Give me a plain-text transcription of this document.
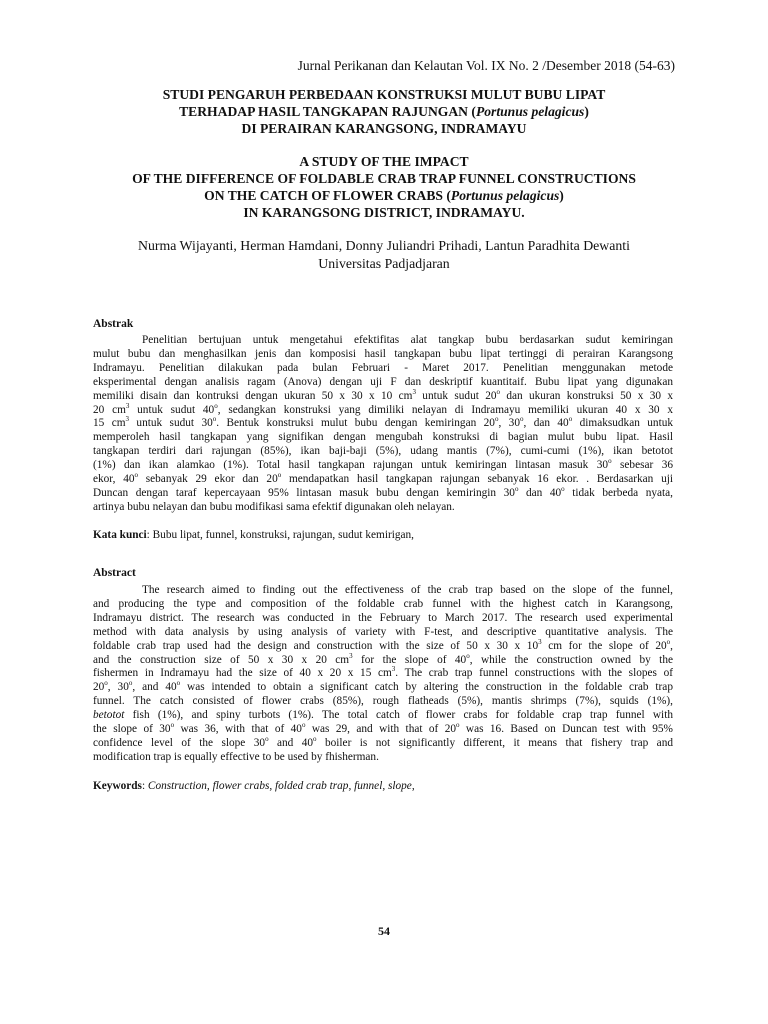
Jurnal Perikanan dan Kelautan Vol. IX No. 2 /Desember 2018 (54-63)
STUDI PENGARUH PERBEDAAN KONSTRUKSI MULUT BUBU LIPAT
TERHADAP HASIL TANGKAPAN RAJUNGAN (Portunus pelagicus)
DI PERAIRAN KARANGSONG, INDRAMAYU
A STUDY OF THE IMPACT
OF THE DIFFERENCE OF FOLDABLE CRAB TRAP FUNNEL CONSTRUCTIONS
ON THE CATCH OF FLOWER CRABS (Portunus pelagicus)
IN KARANGSONG DISTRICT, INDRAMAYU.
Nurma Wijayanti, Herman Hamdani, Donny Juliandri Prihadi, Lantun Paradhita Dewanti
Universitas Padjadjaran
Abstrak
Penelitian bertujuan untuk mengetahui efektifitas alat tangkap bubu berdasarkan sudut kemiringan
mulut bubu dan menghasilkan jenis dan komposisi hasil tangkapan bubu lipat tertinggi di perairan Karangsong
Indramayu. Penelitian dilakukan pada bulan Februari - Maret 2017. Penelitian menggunakan metode
eksperimental dengan analisis ragam (Anova) dengan uji F dan deskriptif kuantitaif. Bubu lipat yang digunakan
memiliki disain dan kontruksi dengan ukuran 50 x 30 x 10 $cm^3$ untuk sudut 20$^o$ dan ukuran konstruksi 50 x 30 x
20 $cm^3$ untuk sudut 40$^o$, sedangkan konstruksi yang dimiliki nelayan di Indramayu memiliki ukuran 40 x 30 x
15 $cm^3$ untuk sudut 30$^o$. Bentuk konstruksi mulut bubu dengan kemiringan 20$^o$, 30$^o$, dan 40$^o$ dimaksudkan untuk
memperoleh hasil tangkapan yang signifikan dengan mengubah konstruksi di bagian mulut bubu lipat. Hasil
tangkapan terdiri dari rajungan (85%), ikan baji-baji (5%), udang mantis (7%), cumi-cumi (1%), ikan betotot
(1%) dan ikan alamkao (1%). Total hasil tangkapan rajungan untuk kemiringan lintasan masuk 30$^o$ sebesar 36
ekor, 40$^o$ sebanyak 29 ekor dan 20$^o$ mendapatkan hasil tangkapan rajungan sebanyak 16 ekor. . Berdasarkan uji
Duncan dengan taraf kepercayaan 95% lintasan masuk bubu dengan kemiringin 30$^o$ dan 40$^o$ tidak berbeda nyata,
artinya bubu nelayan dan bubu modifikasi sama efektif digunakan oleh nelayan.
Kata kunci: Bubu lipat, funnel, konstruksi, rajungan, sudut kemirigan,
Abstract
The research aimed to finding out the effectiveness of the crab trap based on the slope of the funnel,
and producing the type and composition of the foldable crab funnel with the highest catch in Karangsong,
Indramayu district. The research was conducted in the February to March 2017. The research used experimental
method with data analysis by using analysis of variety with F-test, and descriptive quantitative analysis. The
foldable crab trap used had the design and construction with the size of 50 x 30 x $10^3$ cm for the slope of 20$^o$,
and the construction size of 50 x 30 x 20 $cm^3$ for the slope of 40$^o$, while the construction owned by the
fishermen in Indramayu had the size of 40 x 20 x 15 $cm^3$. The crab trap funnel constructions with the slopes of
20$^o$, 30$^o$, and 40$^o$ was intended to obtain a significant catch by altering the construction in the foldable crab trap
funnel. The catch consisted of flower crabs (85%), rough flatheads (5%), mantis shrimps (7%), squids (1%),
betotot fish (1%), and spiny turbots (1%). The total catch of flower crabs for foldable crap trap funnel with
the slope of 30$^o$ was 36, with that of 40$^o$ was 29, and with that of 20$^o$ was 16. Based on Duncan test with 95%
confidence level of the slope 30$^o$ and 40$^o$ boiler is not significantly different, it means that fishery trap and
modification trap is equally effective to be used by fhisherman.
Keywords: Construction, flower crabs, folded crab trap, funnel, slope,
54
